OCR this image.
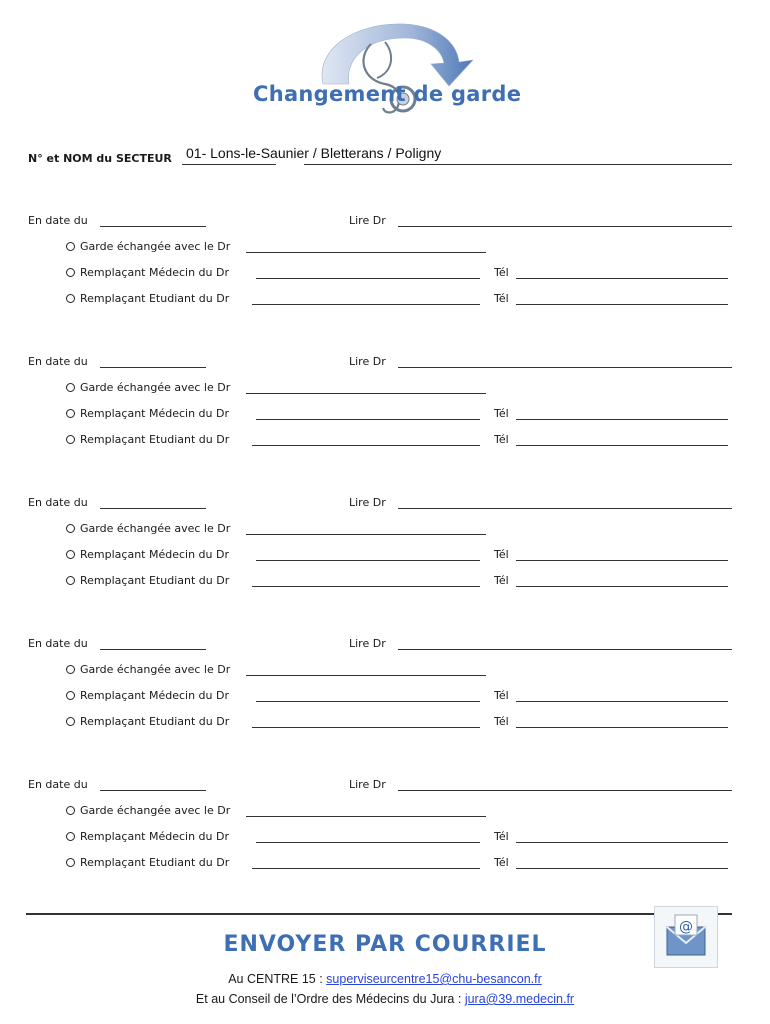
Changement de garde
N° et NOM du SECTEUR 01- Lons-le-Saunier / Bletterans / Poligny
En date du	Lire Dr
Garde échangée avec le Dr
Remplaçant Médecin du Dr	Tél
Remplaçant Etudiant du Dr	Tél
En date du	Lire Dr
Garde échangée avec le Dr
Remplaçant Médecin du Dr	Tél
Remplaçant Etudiant du Dr	Tél
En date du	Lire Dr
Garde échangée avec le Dr
Remplaçant Médecin du Dr	Tél
Remplaçant Etudiant du Dr	Tél
En date du	Lire Dr
Garde échangée avec le Dr
Remplaçant Médecin du Dr	Tél
Remplaçant Etudiant du Dr	Tél
En date du	Lire Dr
Garde échangée avec le Dr
Remplaçant Médecin du Dr	Tél
Remplaçant Etudiant du Dr	Tél
@
ENVOYER PAR COURRIEL
Au CENTRE 15 : superviseurcentre15@chu-besancon.fr
Et au Conseil de l’Ordre des Médecins du Jura : jura@39.medecin.fr
